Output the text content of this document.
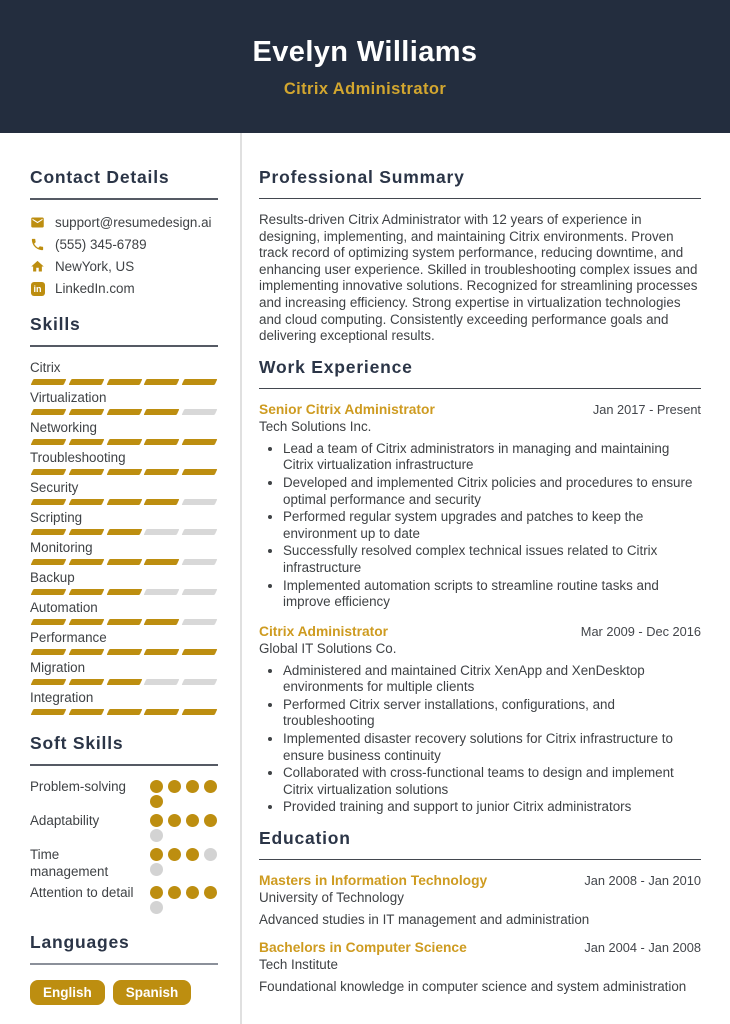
Evelyn Williams
Citrix Administrator
Contact Details
support@resumedesign.ai
(555) 345-6789
NewYork, US
in LinkedIn.com
Skills
Citrix
Virtualization
Networking
Troubleshooting
Security
Scripting
Monitoring
Backup
Automation
Performance
Migration
Integration
Soft Skills
Problem-solving
Adaptability
Time management
Attention to detail
Languages
English	Spanish
Professional Summary

Results-driven Citrix Administrator with 12 years of experience in designing, implementing, and maintaining Citrix environments. Proven track record of optimizing system performance, reducing downtime, and enhancing user experience. Skilled in troubleshooting complex issues and implementing innovative solutions. Recognized for streamlining processes and increasing efficiency. Strong expertise in virtualization technologies and cloud computing. Consistently exceeding performance goals and delivering exceptional results.

Work Experience
Senior Citrix Administrator	Jan 2017 - Present
Tech Solutions Inc.
• Lead a team of Citrix administrators in managing and maintaining Citrix virtualization infrastructure
• Developed and implemented Citrix policies and procedures to ensure optimal performance and security
• Performed regular system upgrades and patches to keep the environment up to date
• Successfully resolved complex technical issues related to Citrix infrastructure
• Implemented automation scripts to streamline routine tasks and improve efficiency
Citrix Administrator	Mar 2009 - Dec 2016
Global IT Solutions Co.
• Administered and maintained Citrix XenApp and XenDesktop environments for multiple clients
• Performed Citrix server installations, configurations, and troubleshooting
• Implemented disaster recovery solutions for Citrix infrastructure to ensure business continuity
• Collaborated with cross-functional teams to design and implement Citrix virtualization solutions
• Provided training and support to junior Citrix administrators
Education
Masters in Information Technology	Jan 2008 - Jan 2010
University of Technology
Advanced studies in IT management and administration
Bachelors in Computer Science	Jan 2004 - Jan 2008
Tech Institute
Foundational knowledge in computer science and system administration
